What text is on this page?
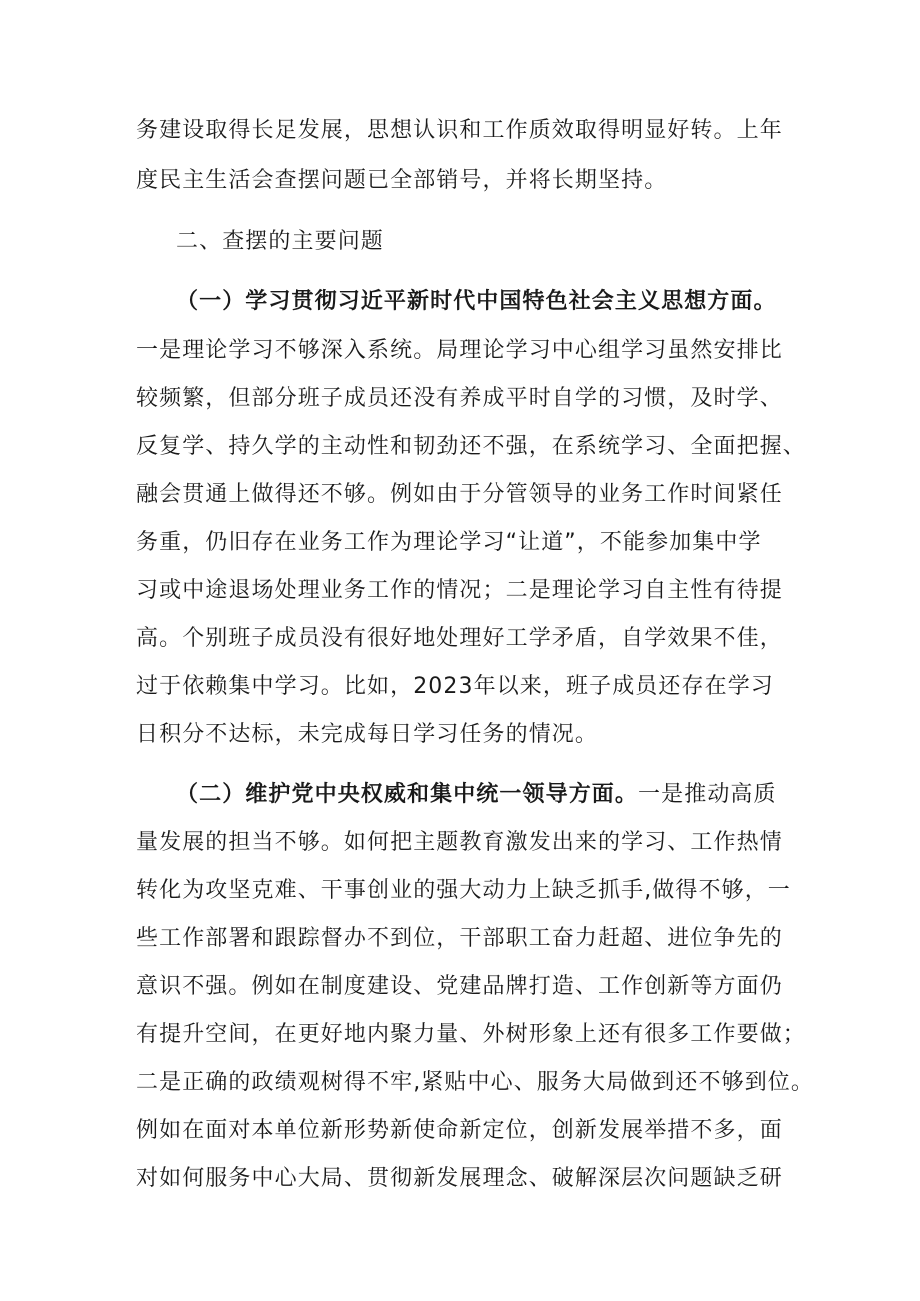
务建设取得长足发展，思想认识和工作质效取得明显好转。上年
度民主生活会查摆问题已全部销号，并将长期坚持。
二、查摆的主要问题
（一）学习贯彻习近平新时代中国特色社会主义思想方面。
一是理论学习不够深入系统。局理论学习中心组学习虽然安排比
较频繁，但部分班子成员还没有养成平时自学的习惯，及时学、
反复学、持久学的主动性和韧劲还不强，在系统学习、全面把握、
融会贯通上做得还不够。例如由于分管领导的业务工作时间紧任
务重，仍旧存在业务工作为理论学习“让道”，不能参加集中学
习或中途退场处理业务工作的情况；二是理论学习自主性有待提
高。个别班子成员没有很好地处理好工学矛盾，自学效果不佳，
过于依赖集中学习。比如，2023年以来，班子成员还存在学习
日积分不达标，未完成每日学习任务的情况。
（二）维护党中央权威和集中统一领导方面。一是推动高质
量发展的担当不够。如何把主题教育激发出来的学习、工作热情
转化为攻坚克难、干事创业的强大动力上缺乏抓手,做得不够，一
些工作部署和跟踪督办不到位，干部职工奋力赶超、进位争先的
意识不强。例如在制度建设、党建品牌打造、工作创新等方面仍
有提升空间，在更好地内聚力量、外树形象上还有很多工作要做；
二是正确的政绩观树得不牢,紧贴中心、服务大局做到还不够到位。
例如在面对本单位新形势新使命新定位，创新发展举措不多，面
对如何服务中心大局、贯彻新发展理念、破解深层次问题缺乏研
